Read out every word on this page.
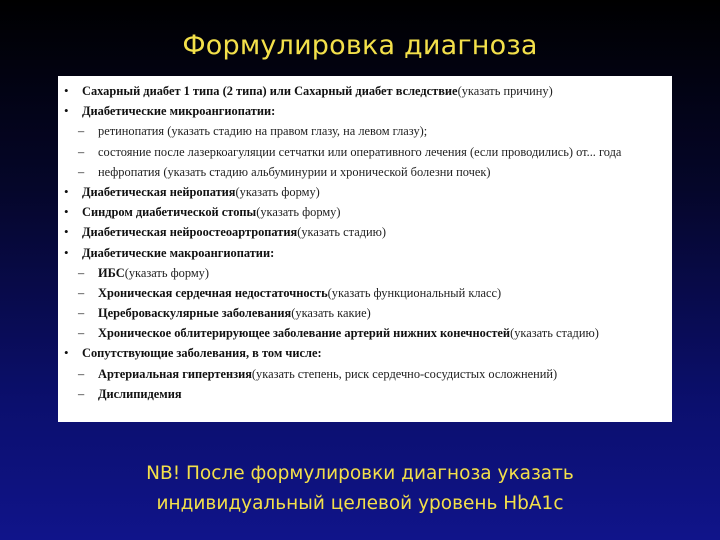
Формулировка диагноза
•	Сахарный диабет 1 типа (2 типа) или Сахарный диабет вследствие (указать причину)
•	Диабетические микроангиопатии:
–	ретинопатия (указать стадию на правом глазу, на левом глазу);
–	состояние после лазеркоагуляции сетчатки или оперативного лечения (если проводились) от... года
–	нефропатия (указать стадию альбуминурии и хронической болезни почек)
•	Диабетическая нейропатия (указать форму)
•	Синдром диабетической стопы (указать форму)
•	Диабетическая нейроостеоартропатия (указать стадию)
•	Диабетические макроангиопатии:
–	ИБС (указать форму)
–	Хроническая сердечная недостаточность (указать функциональный класс)
–	Цереброваскулярные заболевания (указать какие)
–	Хроническое облитерирующее заболевание артерий нижних конечностей (указать стадию)
•	Сопутствующие заболевания, в том числе:
–	Артериальная гипертензия (указать степень, риск сердечно-сосудистых осложнений)
–	Дислипидемия
NB! После формулировки диагноза указать
индивидуальный целевой уровень HbA1c
